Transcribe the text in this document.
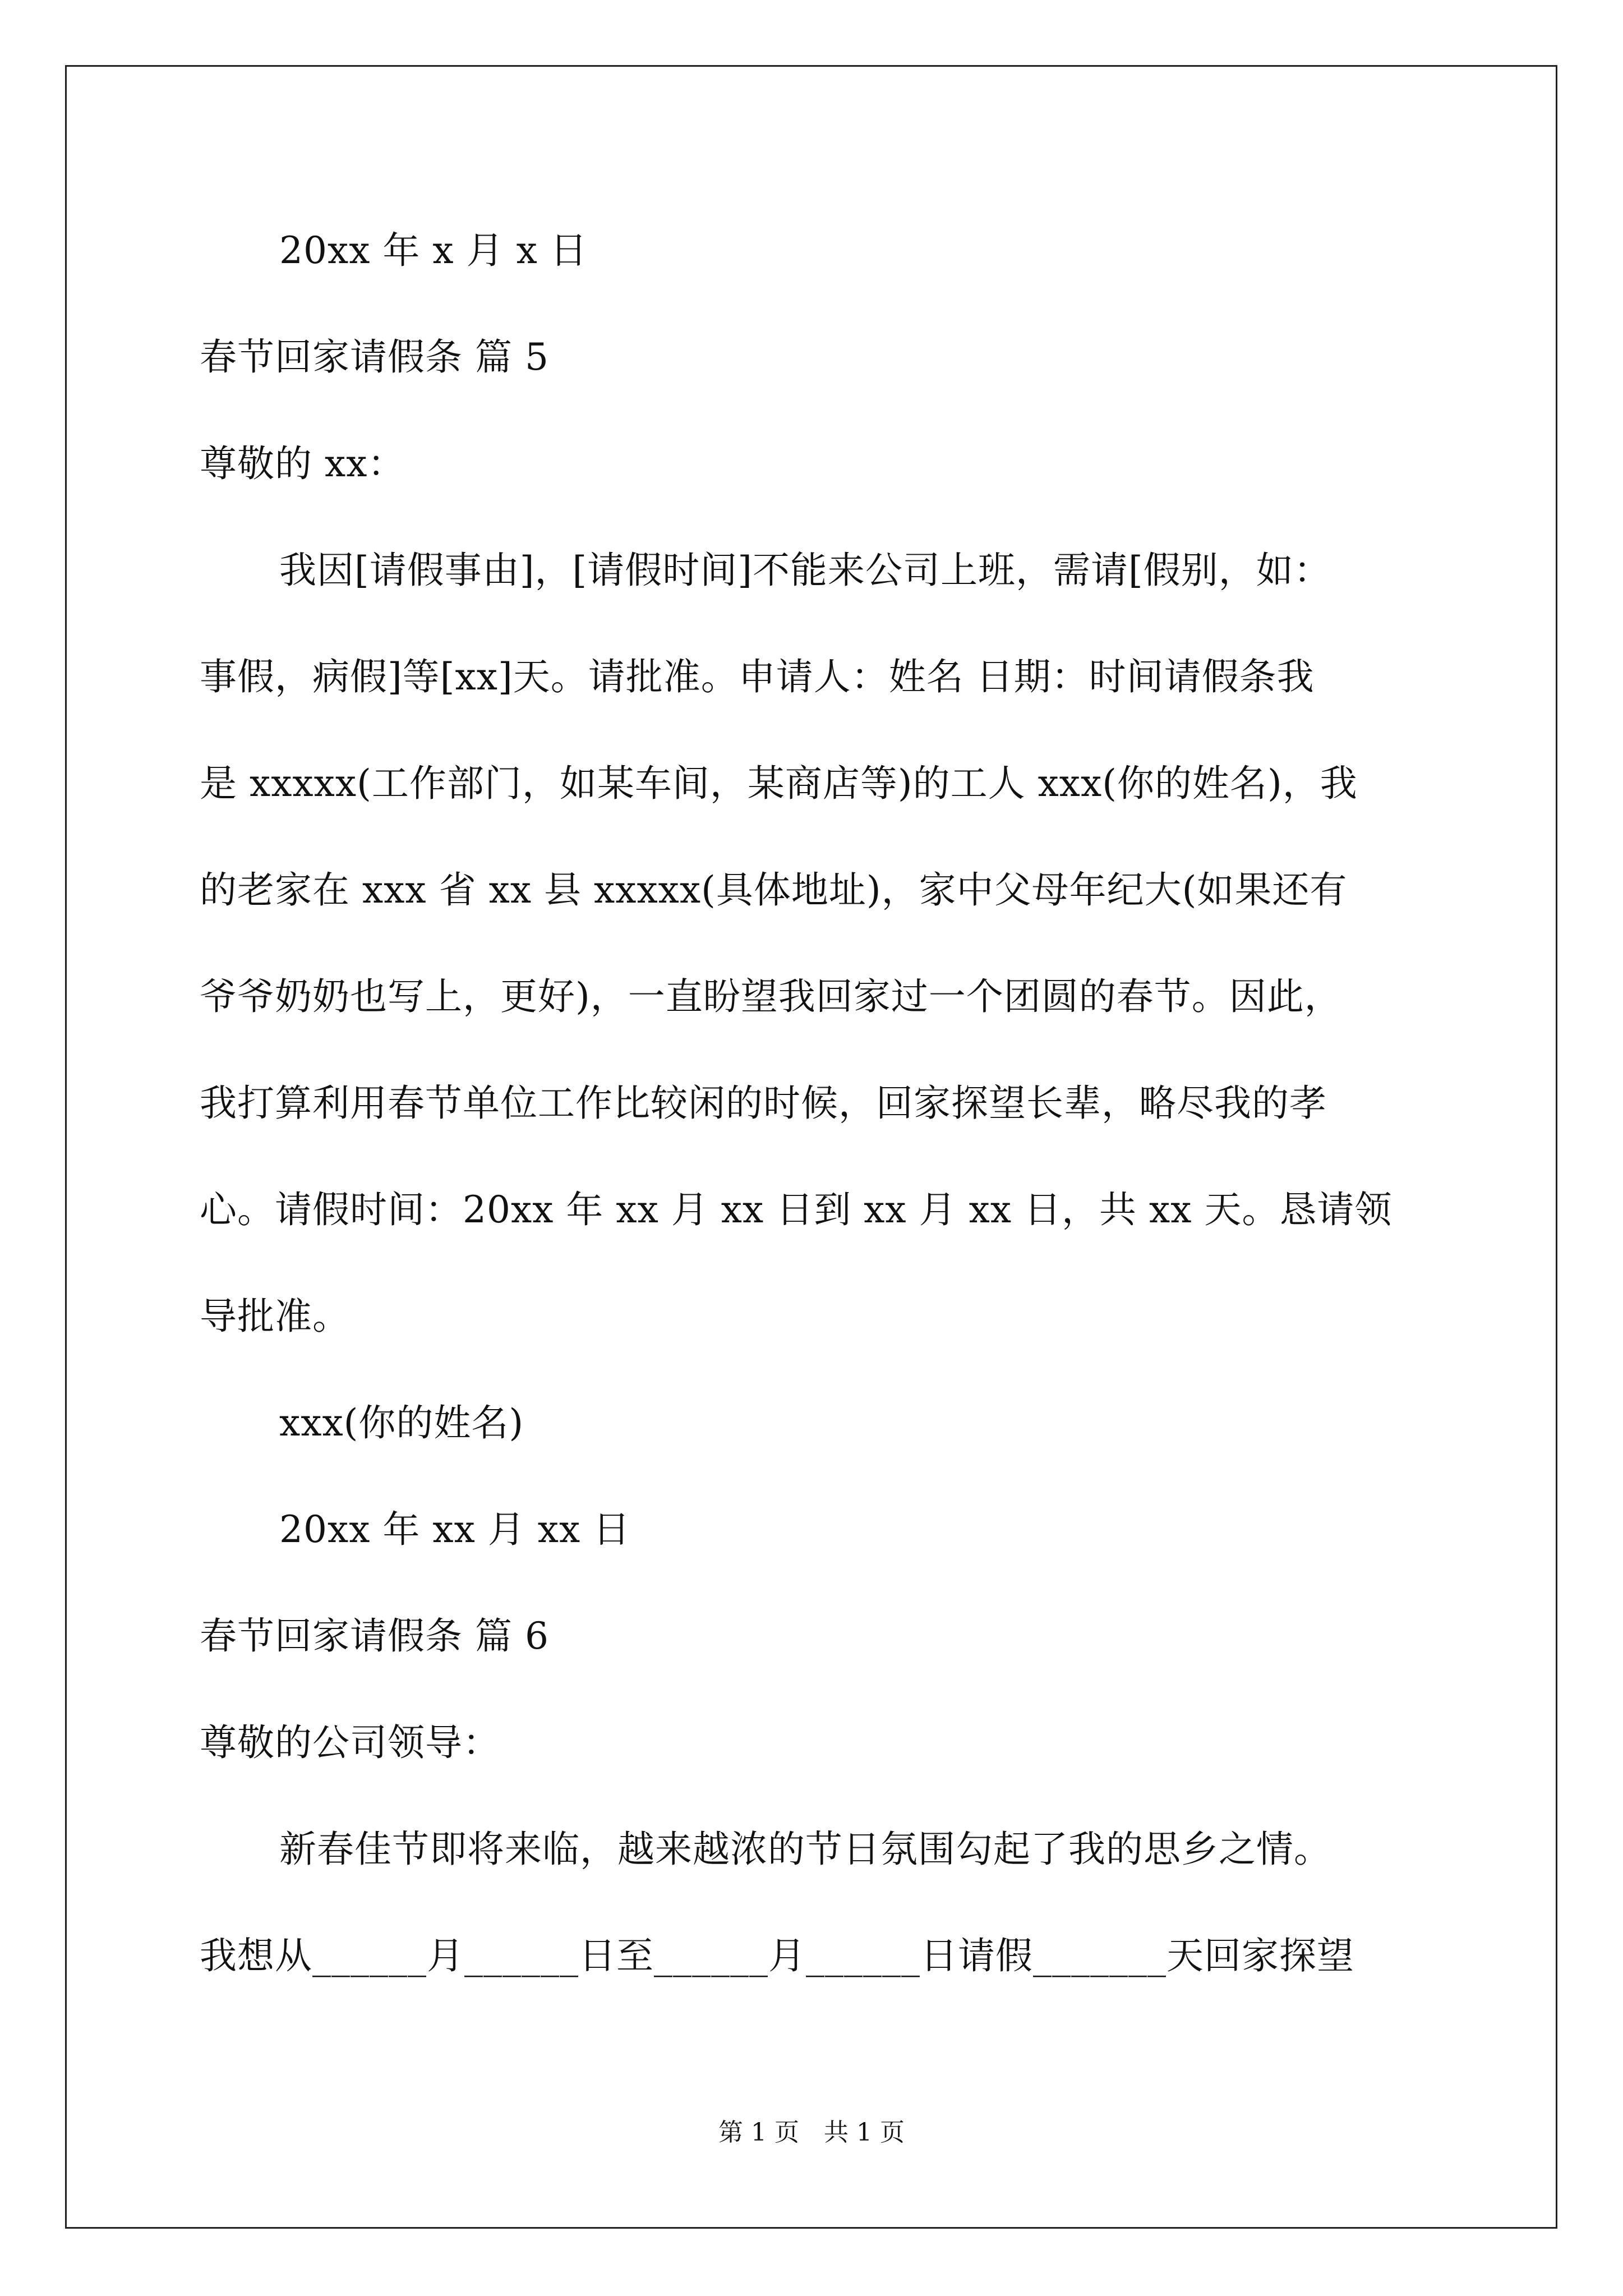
20xx 年 x 月 x 日
春节回家请假条 篇 5
尊敬的 xx：
我因[请假事由]，[请假时间]不能来公司上班，需请[假别，如：
事假，病假]等[xx]天。请批准。申请人：姓名 日期：时间请假条我
是 xxxxx(工作部门，如某车间，某商店等)的工人 xxx(你的姓名)，我
的老家在 xxx 省 xx 县 xxxxx(具体地址)，家中父母年纪大(如果还有
爷爷奶奶也写上，更好)，一直盼望我回家过一个团圆的春节。因此，
我打算利用春节单位工作比较闲的时候，回家探望长辈，略尽我的孝
心。请假时间：20xx 年 xx 月 xx 日到 xx 月 xx 日，共 xx 天。恳请领
导批准。
xxx(你的姓名)
20xx 年 xx 月 xx 日
春节回家请假条 篇 6
尊敬的公司领导：
新春佳节即将来临，越来越浓的节日氛围勾起了我的思乡之情。
我想从______月______日至______月______日请假_______天回家探望
第 1 页　共 1 页
